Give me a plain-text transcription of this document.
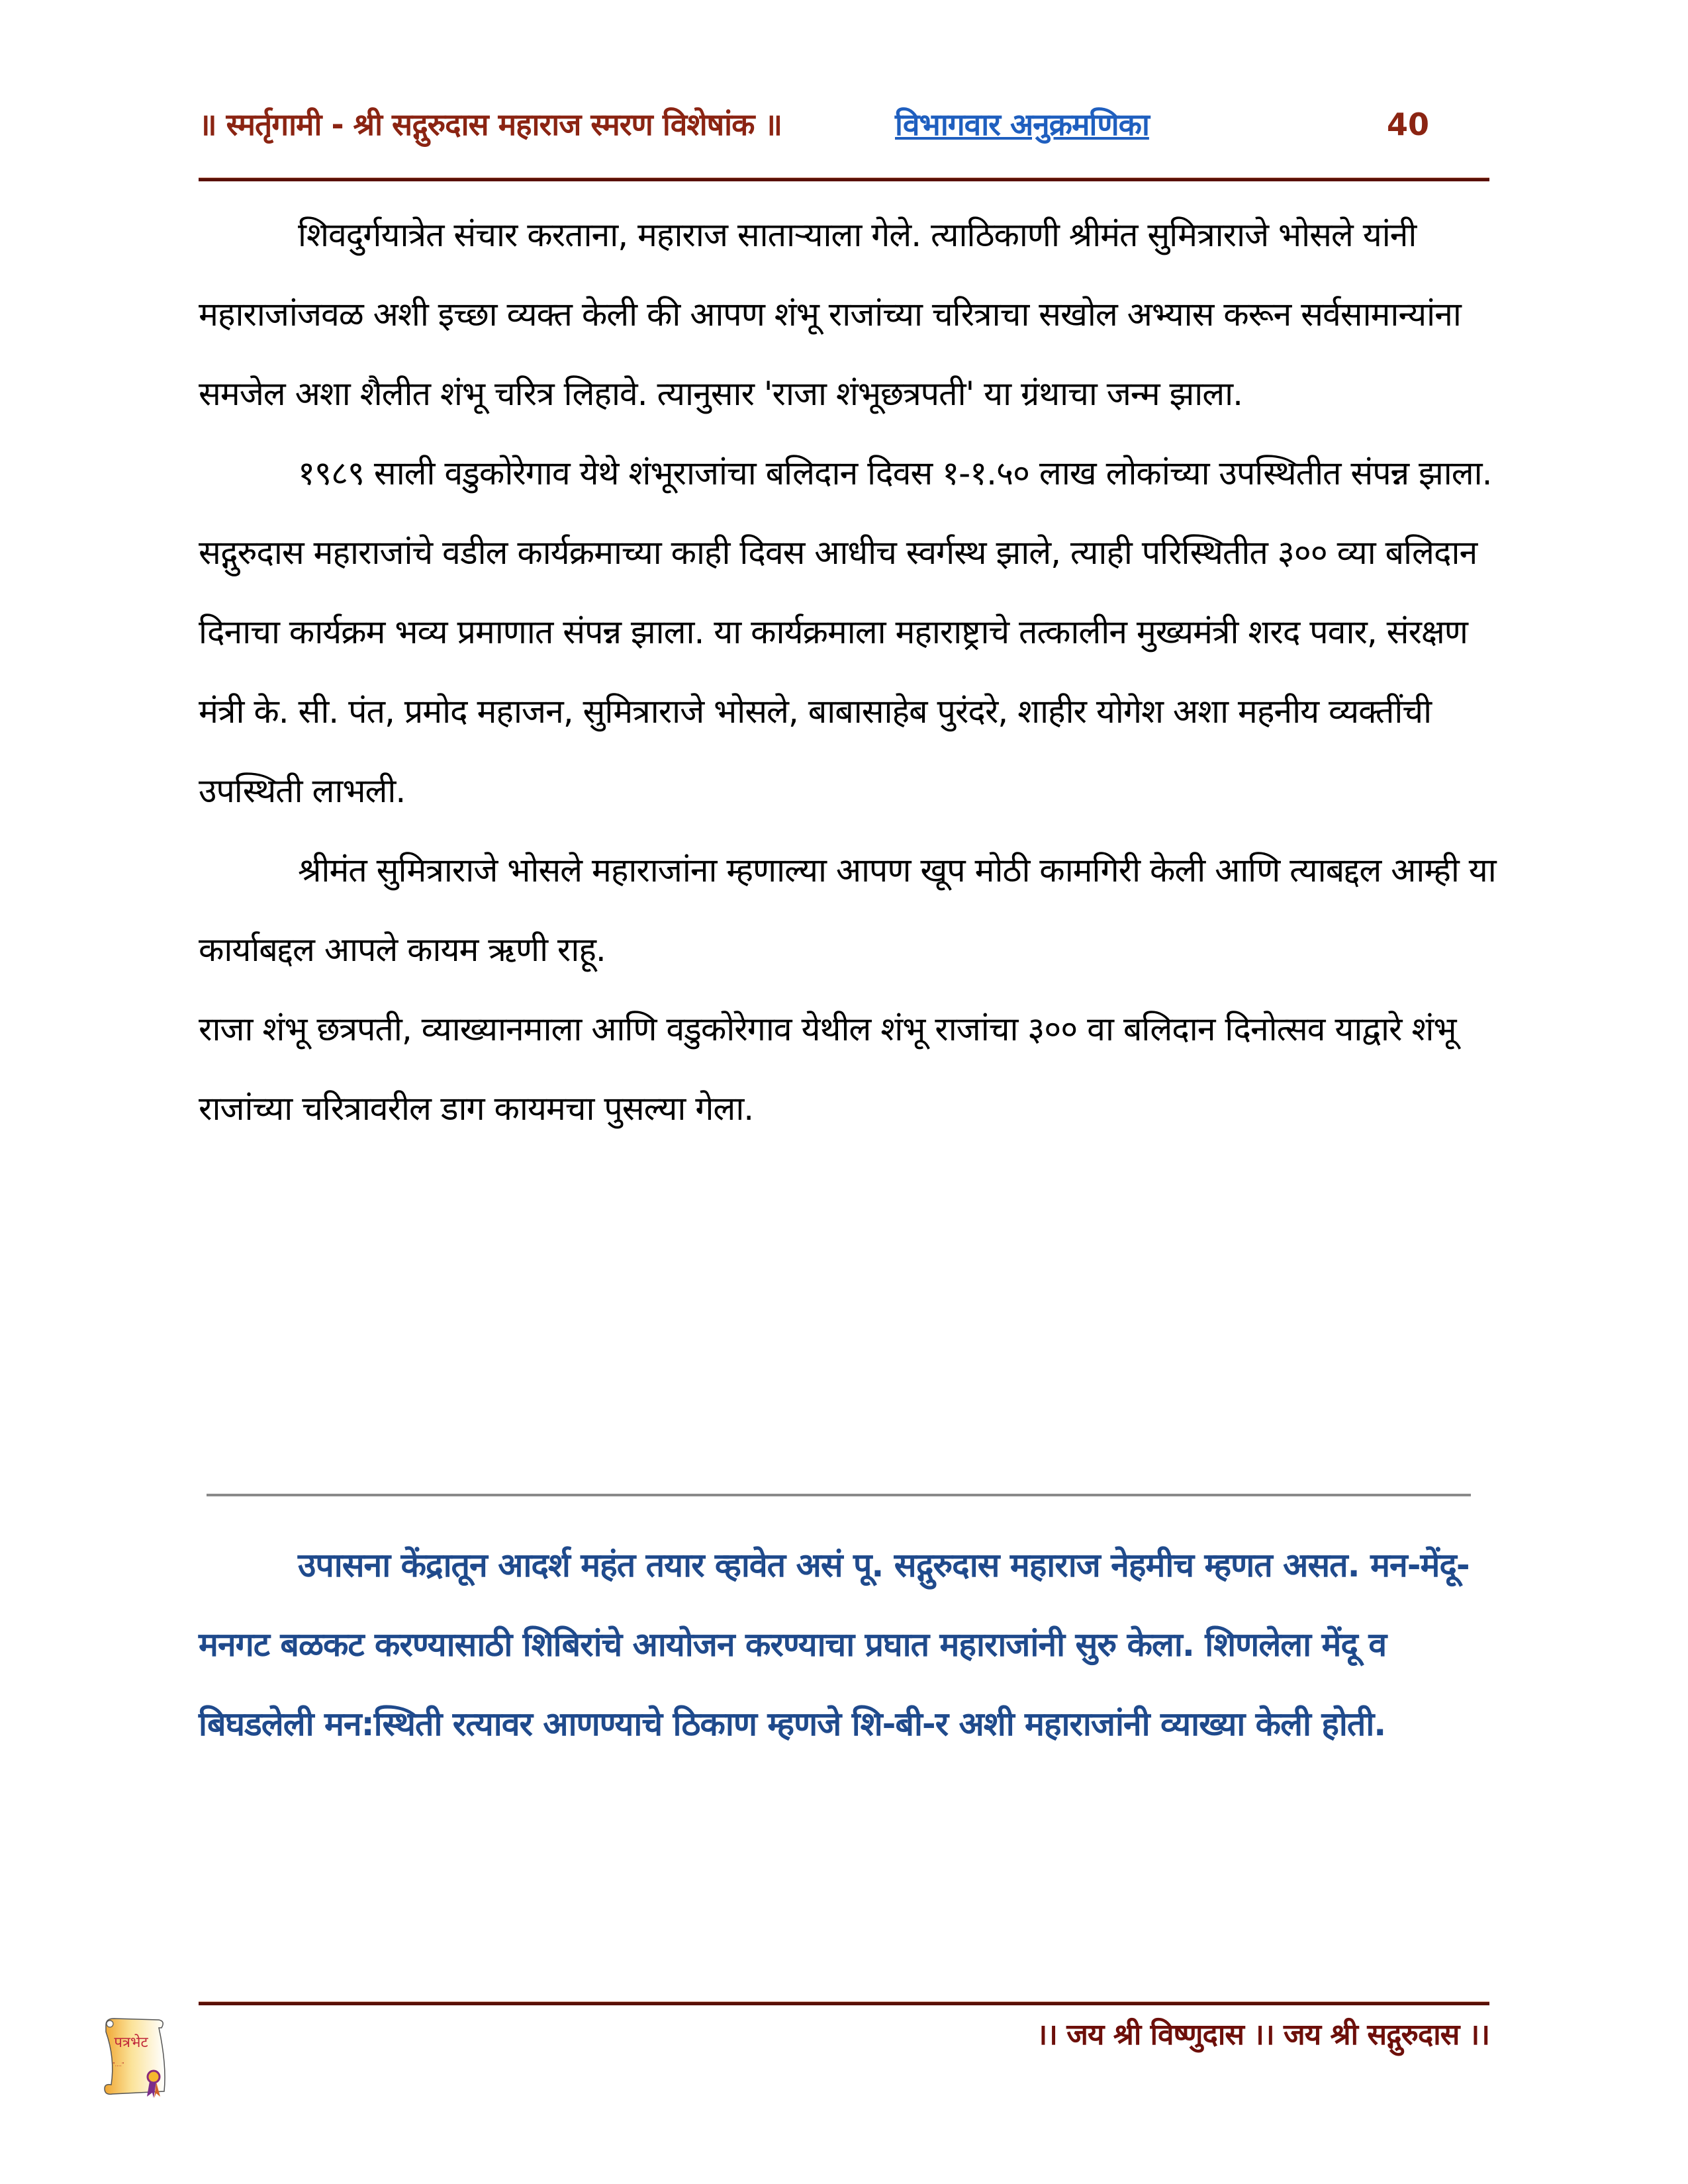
॥ स्मर्तृगामी - श्री सद्गुरुदास महाराज स्मरण विशेषांक ॥	विभागवार अनुक्रमणिका	40

शिवदुर्गयात्रेत संचार करताना, महाराज साताऱ्याला गेले. त्याठिकाणी श्रीमंत सुमित्राराजे भोसले यांनी महाराजांजवळ अशी इच्छा व्यक्त केली की आपण शंभू राजांच्या चरित्राचा सखोल अभ्यास करून सर्वसामान्यांना समजेल अशा शैलीत शंभू चरित्र लिहावे. त्यानुसार 'राजा शंभूछत्रपती' या ग्रंथाचा जन्म झाला.

१९८९ साली वडुकोरेगाव येथे शंभूराजांचा बलिदान दिवस १-१.५० लाख लोकांच्या उपस्थितीत संपन्न झाला. सद्गुरुदास महाराजांचे वडील कार्यक्रमाच्या काही दिवस आधीच स्वर्गस्थ झाले, त्याही परिस्थितीत ३०० व्या बलिदान दिनाचा कार्यक्रम भव्य प्रमाणात संपन्न झाला. या कार्यक्रमाला महाराष्ट्राचे तत्कालीन मुख्यमंत्री शरद पवार, संरक्षण मंत्री के. सी. पंत, प्रमोद महाजन, सुमित्राराजे भोसले, बाबासाहेब पुरंदरे, शाहीर योगेश अशा महनीय व्यक्तींची उपस्थिती लाभली.

श्रीमंत सुमित्राराजे भोसले महाराजांना म्हणाल्या आपण खूप मोठी कामगिरी केली आणि त्याबद्दल आम्ही या कार्याबद्दल आपले कायम ऋणी राहू.

राजा शंभू छत्रपती, व्याख्यानमाला आणि वडुकोरेगाव येथील शंभू राजांचा ३०० वा बलिदान दिनोत्सव याद्वारे शंभू राजांच्या चरित्रावरील डाग कायमचा पुसल्या गेला.

उपासना केंद्रातून आदर्श महंत तयार व्हावेत असं पू. सद्गुरुदास महाराज नेहमीच म्हणत असत. मन-मेंदू-मनगट बळकट करण्यासाठी शिबिरांचे आयोजन करण्याचा प्रघात महाराजांनी सुरु केला. शिणलेला मेंदू व बिघडलेली मन:स्थिती रत्यावर आणण्याचे ठिकाण म्हणजे शि-बी-र अशी महाराजांनी व्याख्या केली होती.

"...."
पत्रभेट	।। जय श्री विष्णुदास ।। जय श्री सद्गुरुदास ।।
